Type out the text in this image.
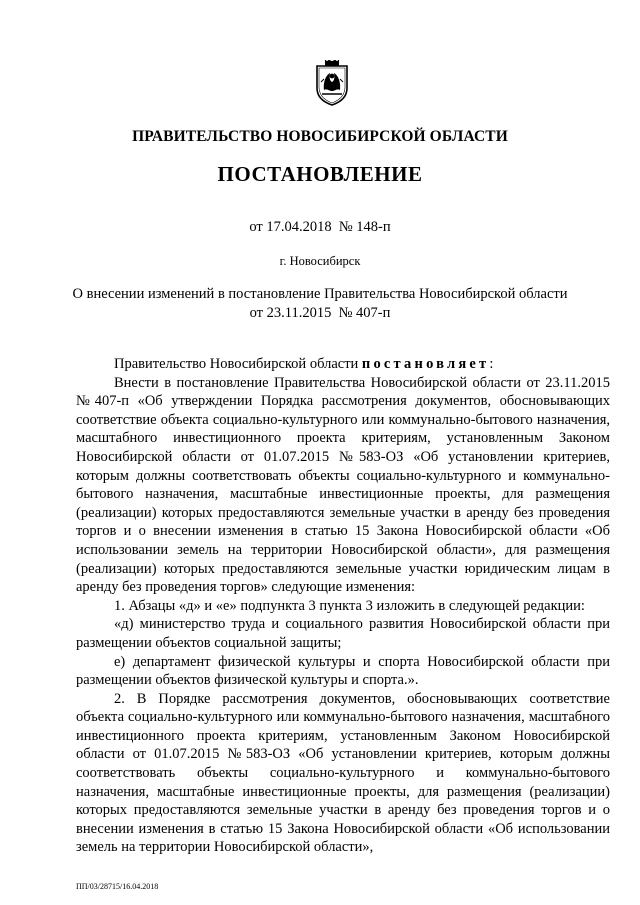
ПРАВИТЕЛЬСТВО НОВОСИБИРСКОЙ ОБЛАСТИ
ПОСТАНОВЛЕНИЕ
от 17.04.2018  № 148-п
г. Новосибирск
О внесении изменений в постановление Правительства Новосибирской области
от 23.11.2015  № 407-п

Правительство Новосибирской области постановляет:

Внести в постановление Правительства Новосибирской области от 23.11.2015 №407-п «Об утверждении Порядка рассмотрения документов, обосновывающих соответствие объекта социально-культурного или коммунально-бытового назначения, масштабного инвестиционного проекта критериям, установленным Законом Новосибирской области от 01.07.2015 №583-ОЗ «Об установлении критериев, которым должны соответствовать объекты социально-культурного и коммунально-бытового назначения, масштабные инвестиционные проекты, для размещения (реализации) которых предоставляются земельные участки в аренду без проведения торгов и о внесении изменения в статью 15 Закона Новосибирской области «Об использовании земель на территории Новосибирской области», для размещения (реализации) которых предоставляются земельные участки юридическим лицам в аренду без проведения торгов» следующие изменения:

1. Абзацы «д» и «е» подпункта 3 пункта 3 изложить в следующей редакции:

«д) министерство труда и социального развития Новосибирской области при размещении объектов социальной защиты;

е) департамент физической культуры и спорта Новосибирской области при размещении объектов физической культуры и спорта.».

2. В Порядке рассмотрения документов, обосновывающих соответствие объекта социально-культурного или коммунально-бытового назначения, масштабного инвестиционного проекта критериям, установленным Законом Новосибирской области от 01.07.2015 №583-ОЗ «Об установлении критериев, которым должны соответствовать объекты социально-культурного и коммунально-бытового назначения, масштабные инвестиционные проекты, для размещения (реализации) которых предоставляются земельные участки в аренду без проведения торгов и о внесении изменения в статью 15 Закона Новосибирской области «Об использовании земель на территории Новосибирской области»,

ПП/03/28715/16.04.2018
